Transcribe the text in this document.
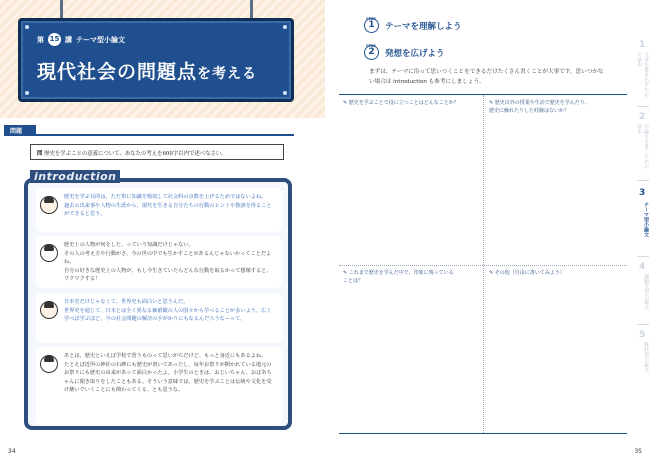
第 15 講 テーマ型小論文
現代社会の問題点を考える
問題
問 歴史を学ぶことの意義について、あなたの考えを600字以内で述べなさい。
introduction
歴史を学ぶ目的は、ただ単に知識を吸収して社会科の点数を上げるためではないよね。
過去の出来事や人物の生涯から、現代を生きる自分たちの行動のヒントや教訓を得ることができると思う。
歴史上の人物が何をした、っていう知識だけじゃない。
その人の考え方や行動がさ、今の世の中でも生かすことがあるんじゃないかってことだよね。
自分の好きな歴史上の人物が、もし今生きていたらどんな行動を取るかって想像すると、ワクワクする！
日本史だけじゃなくて、世界史も面白いと思うんだ。
世界史を通じて、日本とは全く異なる価値観の人の国々から学べることが多いよう。広く学べば学ぶほど、今の社会問題の解決の手がかりにもなるんだろうなーって。
あとは、歴史といえば学校で習うものって思いがちだけど、もっと身近にもあるよね。
たとえば近所の神社の石碑にも歴史が書いてあったし、毎年お祭りが開かれている地元のお祭りにも歴史の由来があって面白かったよ。小学生のときは、おじいちゃん、おばあちゃんに聞き取りをしたこともある。そういう意味では、歴史を学ぶことは伝統や文化を受け継いでいくことにも関わってくる、とも思うな。
34
STEP
1	テーマを理解しよう
STEP
2	発想を広げよう
まずは、テーマに沿って思いつくことをできるだけたくさん書くことが大事です。思いつかない場合は introduction も参考にしましょう。
✎ 歴史を学ぶことで役に立つことはどんなことか？
✎	歴史以外の授業や生活で歴史を学んだり、
歴史に触れたりした経験はないか？
✎ これまで歴史を学んだ中で、印象に残っている
ことは？
✎ その他（自由に書いてみよう）
1
文章を書き出すための基本
2
小論文を書くための基本
3
テーマ型小論文
4
課題文型小論文
5
資料型小論文
35
